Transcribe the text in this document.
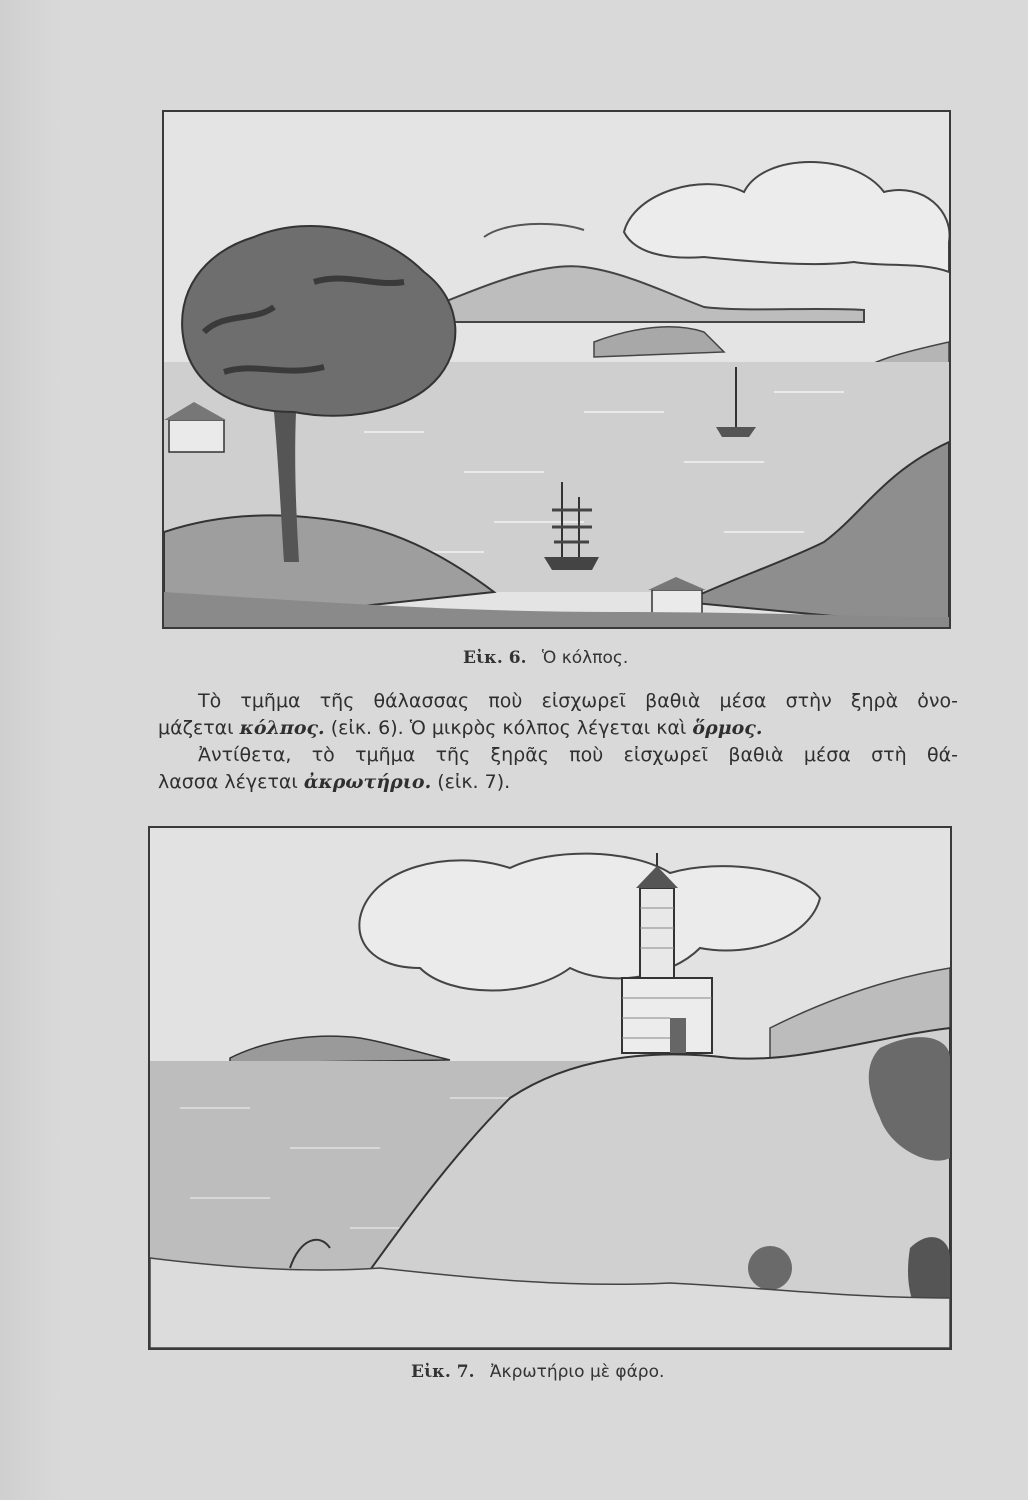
Εἰκ. 6. Ὁ κόλπος.
Τὸ τμῆμα τῆς θάλασσας ποὺ εἰσχωρεῖ βαθιὰ μέσα στὴν ξηρὰ ὀνο-
μάζεται κόλπος. (εἰκ. 6). Ὁ μικρὸς κόλπος λέγεται καὶ ὅρμος.
Ἀντίθετα, τὸ τμῆμα τῆς ξηρᾶς ποὺ εἰσχωρεῖ βαθιὰ μέσα στὴ θά-
λασσα λέγεται ἀκρωτήριο. (εἰκ. 7).
Εἰκ. 7. Ἀκρωτήριο μὲ φάρο.
